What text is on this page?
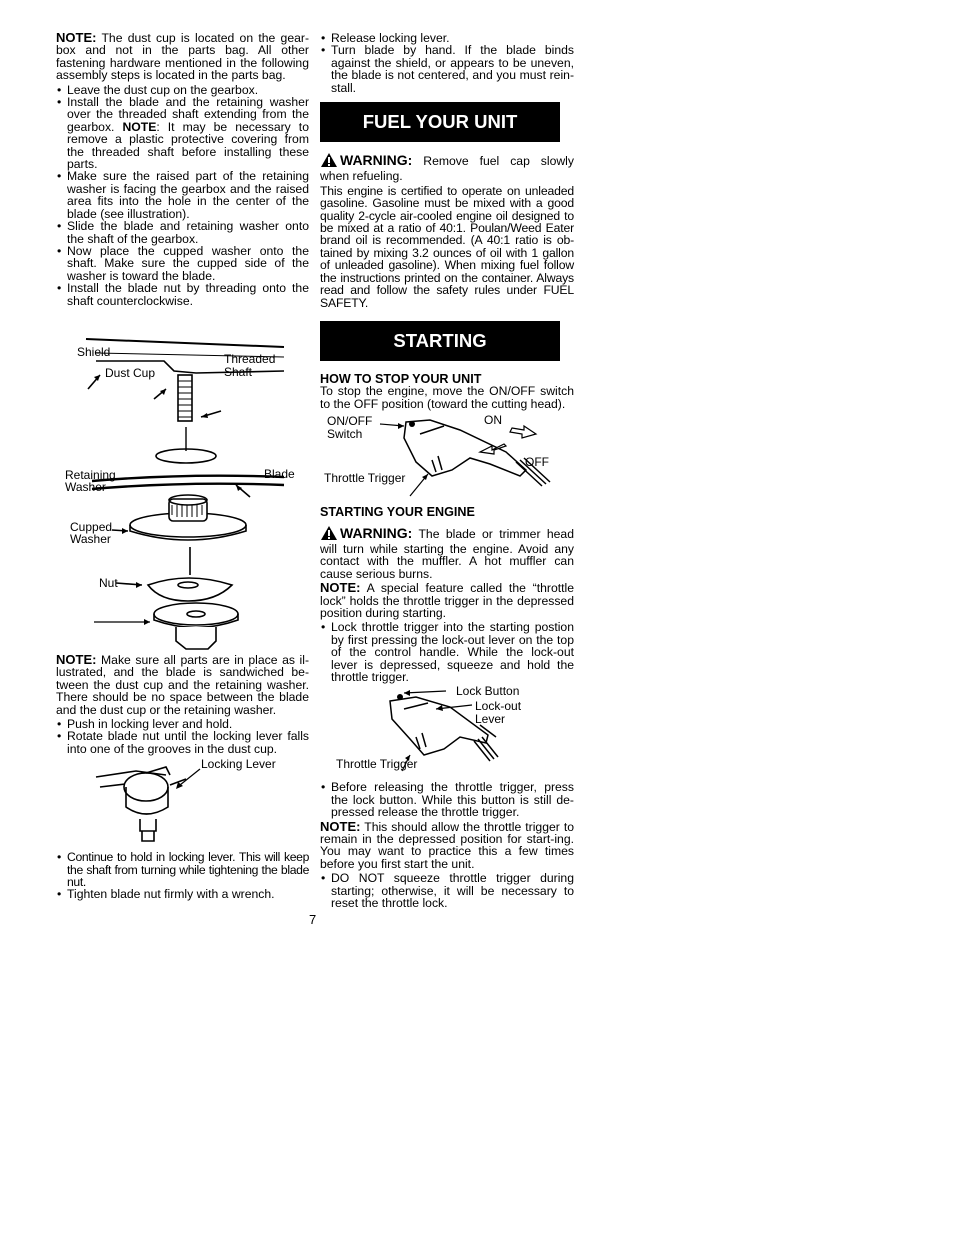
NOTE: The dust cup is located on the gear-box and not in the parts bag. All other fastening hardware mentioned in the following assembly steps is located in the parts bag.

• Leave the dust cup on the gearbox.
• Install the blade and the retaining washer over the threaded shaft extending from the gearbox. NOTE: It may be necessary to remove a plastic protective covering from the threaded shaft before installing these parts.
• Make sure the raised part of the retaining washer is facing the gearbox and the raised area fits into the hole in the center of the blade (see illustration).
• Slide the blade and retaining washer onto the shaft of the gearbox.
• Now place the cupped washer onto the shaft. Make sure the cupped side of the washer is toward the blade.
• Install the blade nut by threading onto the shaft counterclockwise.
Shield
Dust Cup
Threaded
Shaft
Blade
Retaining
Washer
Cupped
Washer
Nut

NOTE: Make sure all parts are in place as il-lustrated, and the blade is sandwiched be-tween the dust cup and the retaining washer. There should be no space between the blade and the dust cup or the retaining washer.

• Push in locking lever and hold.
• Rotate blade nut until the locking lever falls into one of the grooves in the dust cup.
Locking Lever
• Continue to hold in locking lever. This will keep the shaft from turning while tightening the blade nut.
• Tighten blade nut firmly with a wrench.
• Release locking lever.
• Turn blade by hand. If the blade binds against the shield, or appears to be uneven, the blade is not centered, and you must rein-stall.
FUEL YOUR UNIT

WARNING: Remove fuel cap slowly when refueling.

This engine is certified to operate on unleaded gasoline. Gasoline must be mixed with a good quality 2-cycle air-cooled engine oil designed to be mixed at a ratio of 40:1. Poulan/Weed Eater brand oil is recommended. (A 40:1 ratio is ob-tained by mixing 3.2 ounces of oil with 1 gallon of unleaded gasoline). When mixing fuel follow the instructions printed on the container. Always read and follow the safety rules under FUEL SAFETY.

STARTING
HOW TO STOP YOUR UNIT

To stop the engine, move the ON/OFF switch to the OFF position (toward the cutting head).

ON/OFF
Switch
ON
OFF
Throttle Trigger
STARTING YOUR ENGINE

WARNING: The blade or trimmer head will turn while starting the engine. Avoid any contact with the muffler. A hot muffler can cause serious burns.

NOTE: A special feature called the “throttle lock” holds the throttle trigger in the depressed position during starting.

• Lock throttle trigger into the starting postion by first pressing the lock-out lever on the top of the control handle. While the lock-out lever is depressed, squeeze and hold the throttle trigger.
Lock Button
Lock-out
Lever
Throttle Trigger
• Before releasing the throttle trigger, press the lock button. While this button is still de-pressed release the throttle trigger.

NOTE: This should allow the throttle trigger to remain in the depressed position for start-ing. You may want to practice this a few times before you first start the unit.

• DO NOT squeeze throttle trigger during starting; otherwise, it will be necessary to reset the throttle lock.
7
